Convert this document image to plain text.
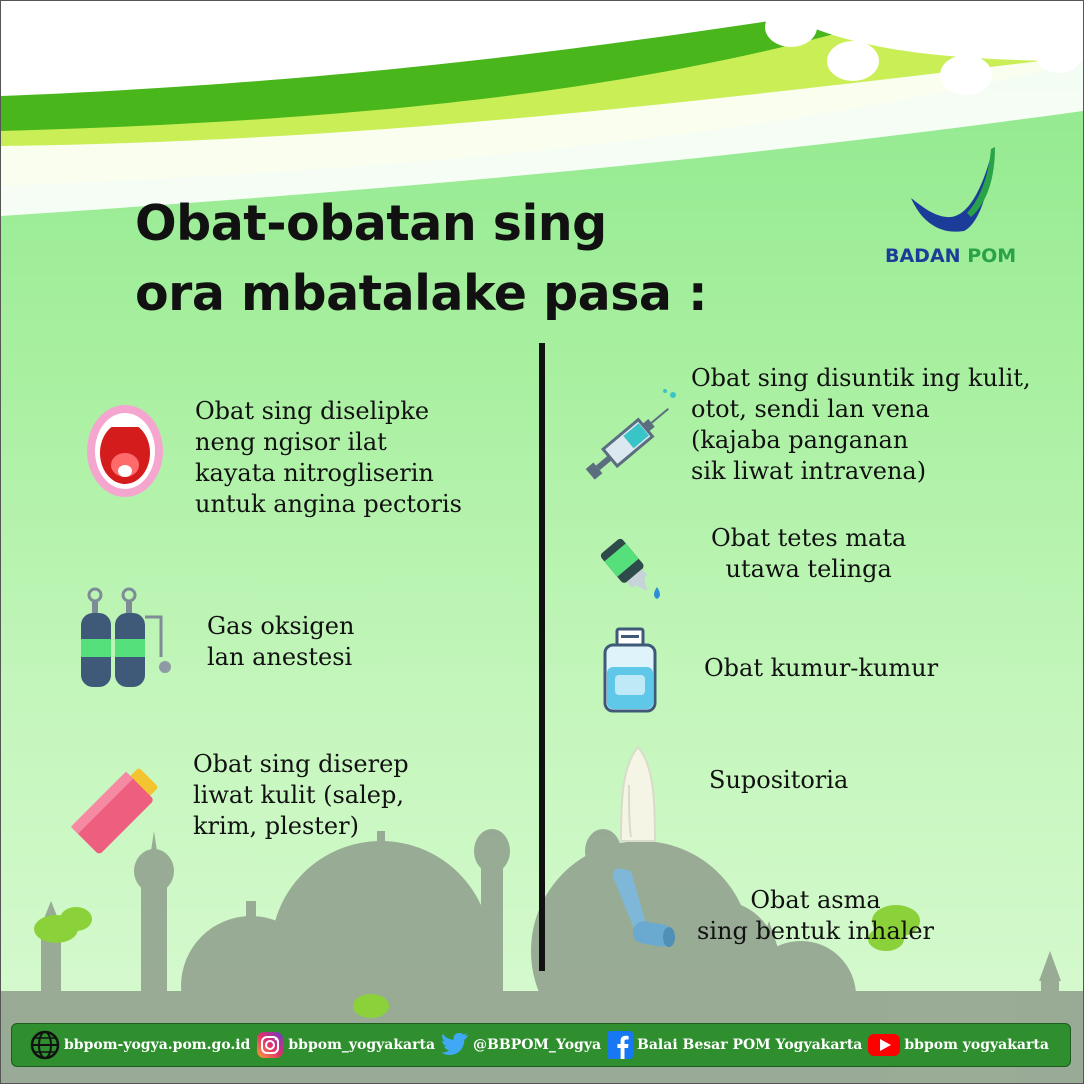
BADAN POM
Obat-obatan sing
ora mbatalake pasa :
Obat sing diselipke
neng ngisor ilat
kayata nitrogliserin
untuk angina pectoris
Gas oksigen
lan anestesi
Obat sing diserep
liwat kulit (salep,
krim, plester)
Obat sing disuntik ing kulit,
otot, sendi lan vena
(kajaba panganan
sik liwat intravena)
Obat tetes mata
utawa telinga
Obat kumur-kumur
Supositoria
Obat asma
sing bentuk inhaler
bbpom-yogya.pom.go.id	bbpom_yogyakarta	@BBPOM_Yogya	Balai Besar POM Yogyakarta	bbpom yogyakarta
